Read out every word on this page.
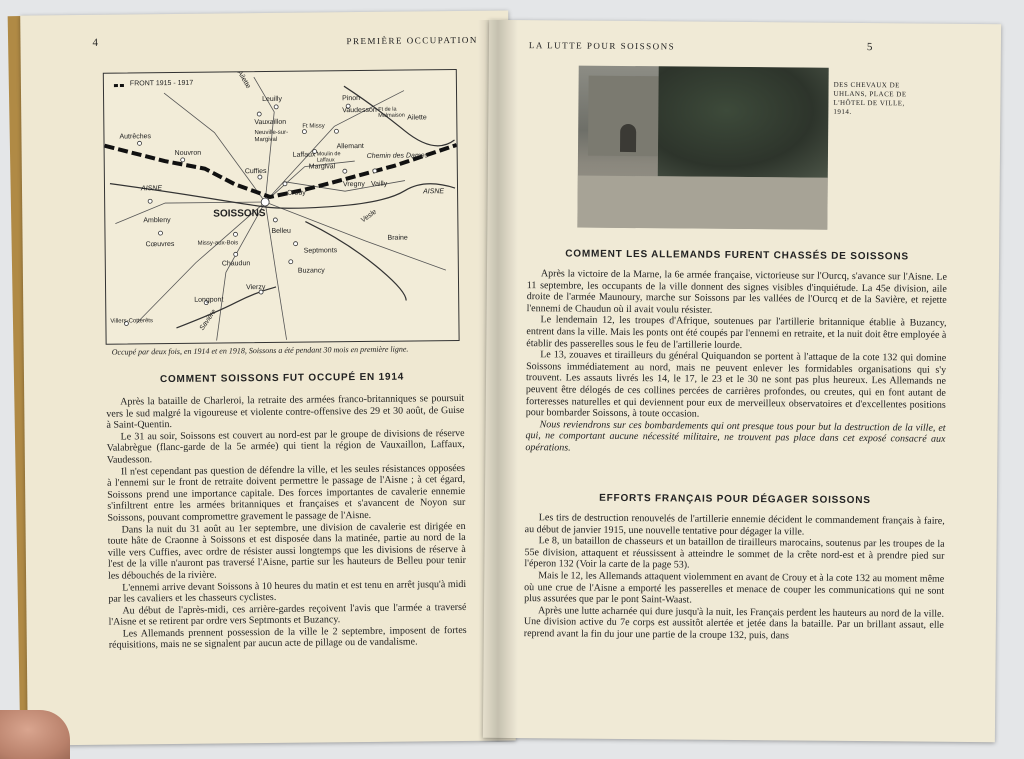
4	PREMIÈRE OCCUPATION
FRONT 1915 - 1917	Ailette
Leuilly	Pinon
Vaudesson Ft de la Malmaison Ailette
Autrêches
Vauxaillon
Neuville-sur-Margival
Ft Missy
Allemant
Laffaux Moulin de Laffaux
Chemin des Dames
Nouvron
Margival
Cuffies
Vregny Vailly
AISNE
Crouy
Ambleny
SOISSONS
AISNE
Vesle
Cœuvres	Missy-aux-Bois
Belleu
Braine
Septmonts
Chaudun
Buzancy
Vierzy
Longpont
Villers-Cotterêts	Savière
Occupé par deux fois, en 1914 et en 1918, Soissons a été pendant 30 mois en première ligne.
COMMENT SOISSONS FUT OCCUPÉ EN 1914

Après la bataille de Charleroi, la retraite des armées franco-britanniques se poursuit vers le sud malgré la vigoureuse et violente contre-offensive des 29 et 30 août, de Guise à Saint-Quentin.

Le 31 au soir, Soissons est couvert au nord-est par le groupe de divisions de réserve Valabrègue (flanc-garde de la 5e armée) qui tient la région de Vauxaillon, Laffaux, Vaudesson.

Il n'est cependant pas question de défendre la ville, et les seules résistances opposées à l'ennemi sur le front de retraite doivent permettre le passage de l'Aisne ; à cet égard, Soissons prend une importance capitale. Des forces importantes de cavalerie ennemie s'infiltrent entre les armées britanniques et françaises et s'avancent de Noyon sur Soissons, pouvant compromettre gravement le passage de l'Aisne.

Dans la nuit du 31 août au 1er septembre, une division de cavalerie est dirigée en toute hâte de Craonne à Soissons et est disposée dans la matinée, partie au nord de la ville vers Cuffies, avec ordre de résister aussi longtemps que les divisions de réserve à l'est de la ville n'auront pas traversé l'Aisne, partie sur les hauteurs de Belleu pour tenir les débouchés de la rivière.

L'ennemi arrive devant Soissons à 10 heures du matin et est tenu en arrêt jusqu'à midi par les cavaliers et les chasseurs cyclistes.

Au début de l'après-midi, ces arrière-gardes reçoivent l'avis que l'armée a traversé l'Aisne et se retirent par ordre vers Septmonts et Buzancy.

Les Allemands prennent possession de la ville le 2 septembre, imposent de fortes réquisitions, mais ne se signalent par aucun acte de pillage ou de vandalisme.

LA LUTTE POUR SOISSONS	5
DES CHEVAUX DE UHLANS, PLACE DE L'HÔTEL DE VILLE, 1914.
COMMENT LES ALLEMANDS FURENT CHASSÉS DE SOISSONS

Après la victoire de la Marne, la 6e armée française, victorieuse sur l'Ourcq, s'avance sur l'Aisne. Le 11 septembre, les occupants de la ville donnent des signes visibles d'inquiétude. La 45e division, aile droite de l'armée Maunoury, marche sur Soissons par les vallées de l'Ourcq et de la Savière, et rejette l'ennemi de Chaudun où il avait voulu résister.

Le lendemain 12, les troupes d'Afrique, soutenues par l'artillerie britannique établie à Buzancy, entrent dans la ville. Mais les ponts ont été coupés par l'ennemi en retraite, et la nuit doit être employée à établir des passerelles sous le feu de l'artillerie lourde.

Le 13, zouaves et tirailleurs du général Quiquandon se portent à l'attaque de la cote 132 qui domine Soissons immédiatement au nord, mais ne peuvent enlever les formidables organisations qui s'y trouvent. Les assauts livrés les 14, le 17, le 23 et le 30 ne sont pas plus heureux. Les Allemands ne peuvent être délogés de ces collines percées de carrières profondes, ou creutes, qui en font autant de forteresses naturelles et qui deviennent pour eux de merveilleux observatoires et d'excellentes positions pour bombarder Soissons, à toute occasion.

Nous reviendrons sur ces bombardements qui ont presque tous pour but la destruction de la ville, et qui, ne comportant aucune nécessité militaire, ne trouvent pas place dans cet exposé consacré aux opérations.

EFFORTS FRANÇAIS POUR DÉGAGER SOISSONS

Les tirs de destruction renouvelés de l'artillerie ennemie décident le commandement français à faire, au début de janvier 1915, une nouvelle tentative pour dégager la ville.

Le 8, un bataillon de chasseurs et un bataillon de tirailleurs marocains, soutenus par les troupes de la 55e division, attaquent et réussissent à atteindre le sommet de la crête nord-est et à prendre pied sur l'éperon 132 (Voir la carte de la page 53).

Mais le 12, les Allemands attaquent violemment en avant de Crouy et à la cote 132 au moment même où une crue de l'Aisne a emporté les passerelles et menace de couper les communications qui ne sont plus assurées que par le pont Saint-Waast.

Après une lutte acharnée qui dure jusqu'à la nuit, les Français perdent les hauteurs au nord de la ville. Une division active du 7e corps est aussitôt alertée et jetée dans la bataille. Par un brillant assaut, elle reprend avant la fin du jour une partie de la croupe 132, puis, dans
